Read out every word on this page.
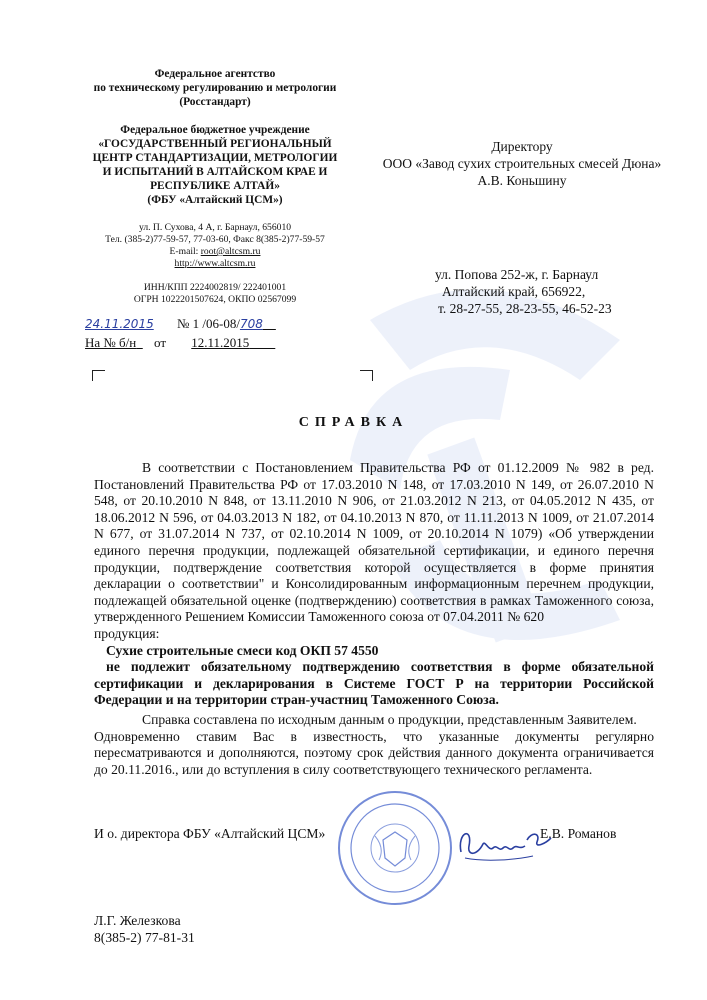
Федеральное агентство
по техническому регулированию и метрологии
(Росстандарт)
Федеральное бюджетное учреждение
«ГОСУДАРСТВЕННЫЙ РЕГИОНАЛЬНЫЙ
ЦЕНТР СТАНДАРТИЗАЦИИ, МЕТРОЛОГИИ
И ИСПЫТАНИЙ В АЛТАЙСКОМ КРАЕ И
РЕСПУБЛИКЕ АЛТАЙ»
(ФБУ «Алтайский ЦСМ»)
ул. П. Сухова, 4 А, г. Барнаул, 656010
Тел. (385-2)77-59-57, 77-03-60, Факс 8(385-2)77-59-57
E-mail: root@altcsm.ru
http://www.altcsm.ru
ИНН/КПП 2224002819/ 222401001
ОГРН 1022201507624, ОКПО 02567099
24.11.2015 № 1 /06-08/708
На № б/н от 12.11.2015
Директору
ООО «Завод сухих строительных смесей Дюна»
А.В. Коньшину
ул. Попова 252-ж, г. Барнаул
Алтайский край, 656922,
т. 28-27-55, 28-23-55, 46-52-23
СПРАВКА

В соответствии с Постановлением Правительства РФ от 01.12.2009 № 982 в ред. Постановлений Правительства РФ от 17.03.2010 N 148, от 17.03.2010 N 149, от 26.07.2010 N 548, от 20.10.2010 N 848, от 13.11.2010 N 906, от 21.03.2012 N 213, от 04.05.2012 N 435, от 18.06.2012 N 596, от 04.03.2013 N 182, от 04.10.2013 N 870, от 11.11.2013 N 1009, от 21.07.2014 N 677, от 31.07.2014 N 737, от 02.10.2014 N 1009, от 20.10.2014 N 1079) «Об утверждении единого перечня продукции, подлежащей обязательной сертификации, и единого перечня продукции, подтверждение соответствия которой осуществляется в форме принятия декларации о соответствии" и Консолидированным информационным перечнем продукции, подлежащей обязательной оценке (подтверждению) соответствия в рамках Таможенного союза, утвержденного Решением Комиссии Таможенного союза от 07.04.2011 № 620

продукция:

Сухие строительные смеси код ОКП 57 4550

не подлежит обязательному подтверждению соответствия в форме обязательной сертификации и декларирования в Системе ГОСТ Р на территории Российской Федерации и на территории стран-участниц Таможенного Союза.

Справка составлена по исходным данным о продукции, представленным Заявителем.

Одновременно ставим Вас в известность, что указанные документы регулярно пересматриваются и дополняются, поэтому срок действия данного документа ограничивается до 20.11.2016., или до вступления в силу соответствующего технического регламента.

И о. директора ФБУ «Алтайский ЦСМ»	Е.В. Романов
Л.Г. Железкова
8(385-2) 77-81-31
